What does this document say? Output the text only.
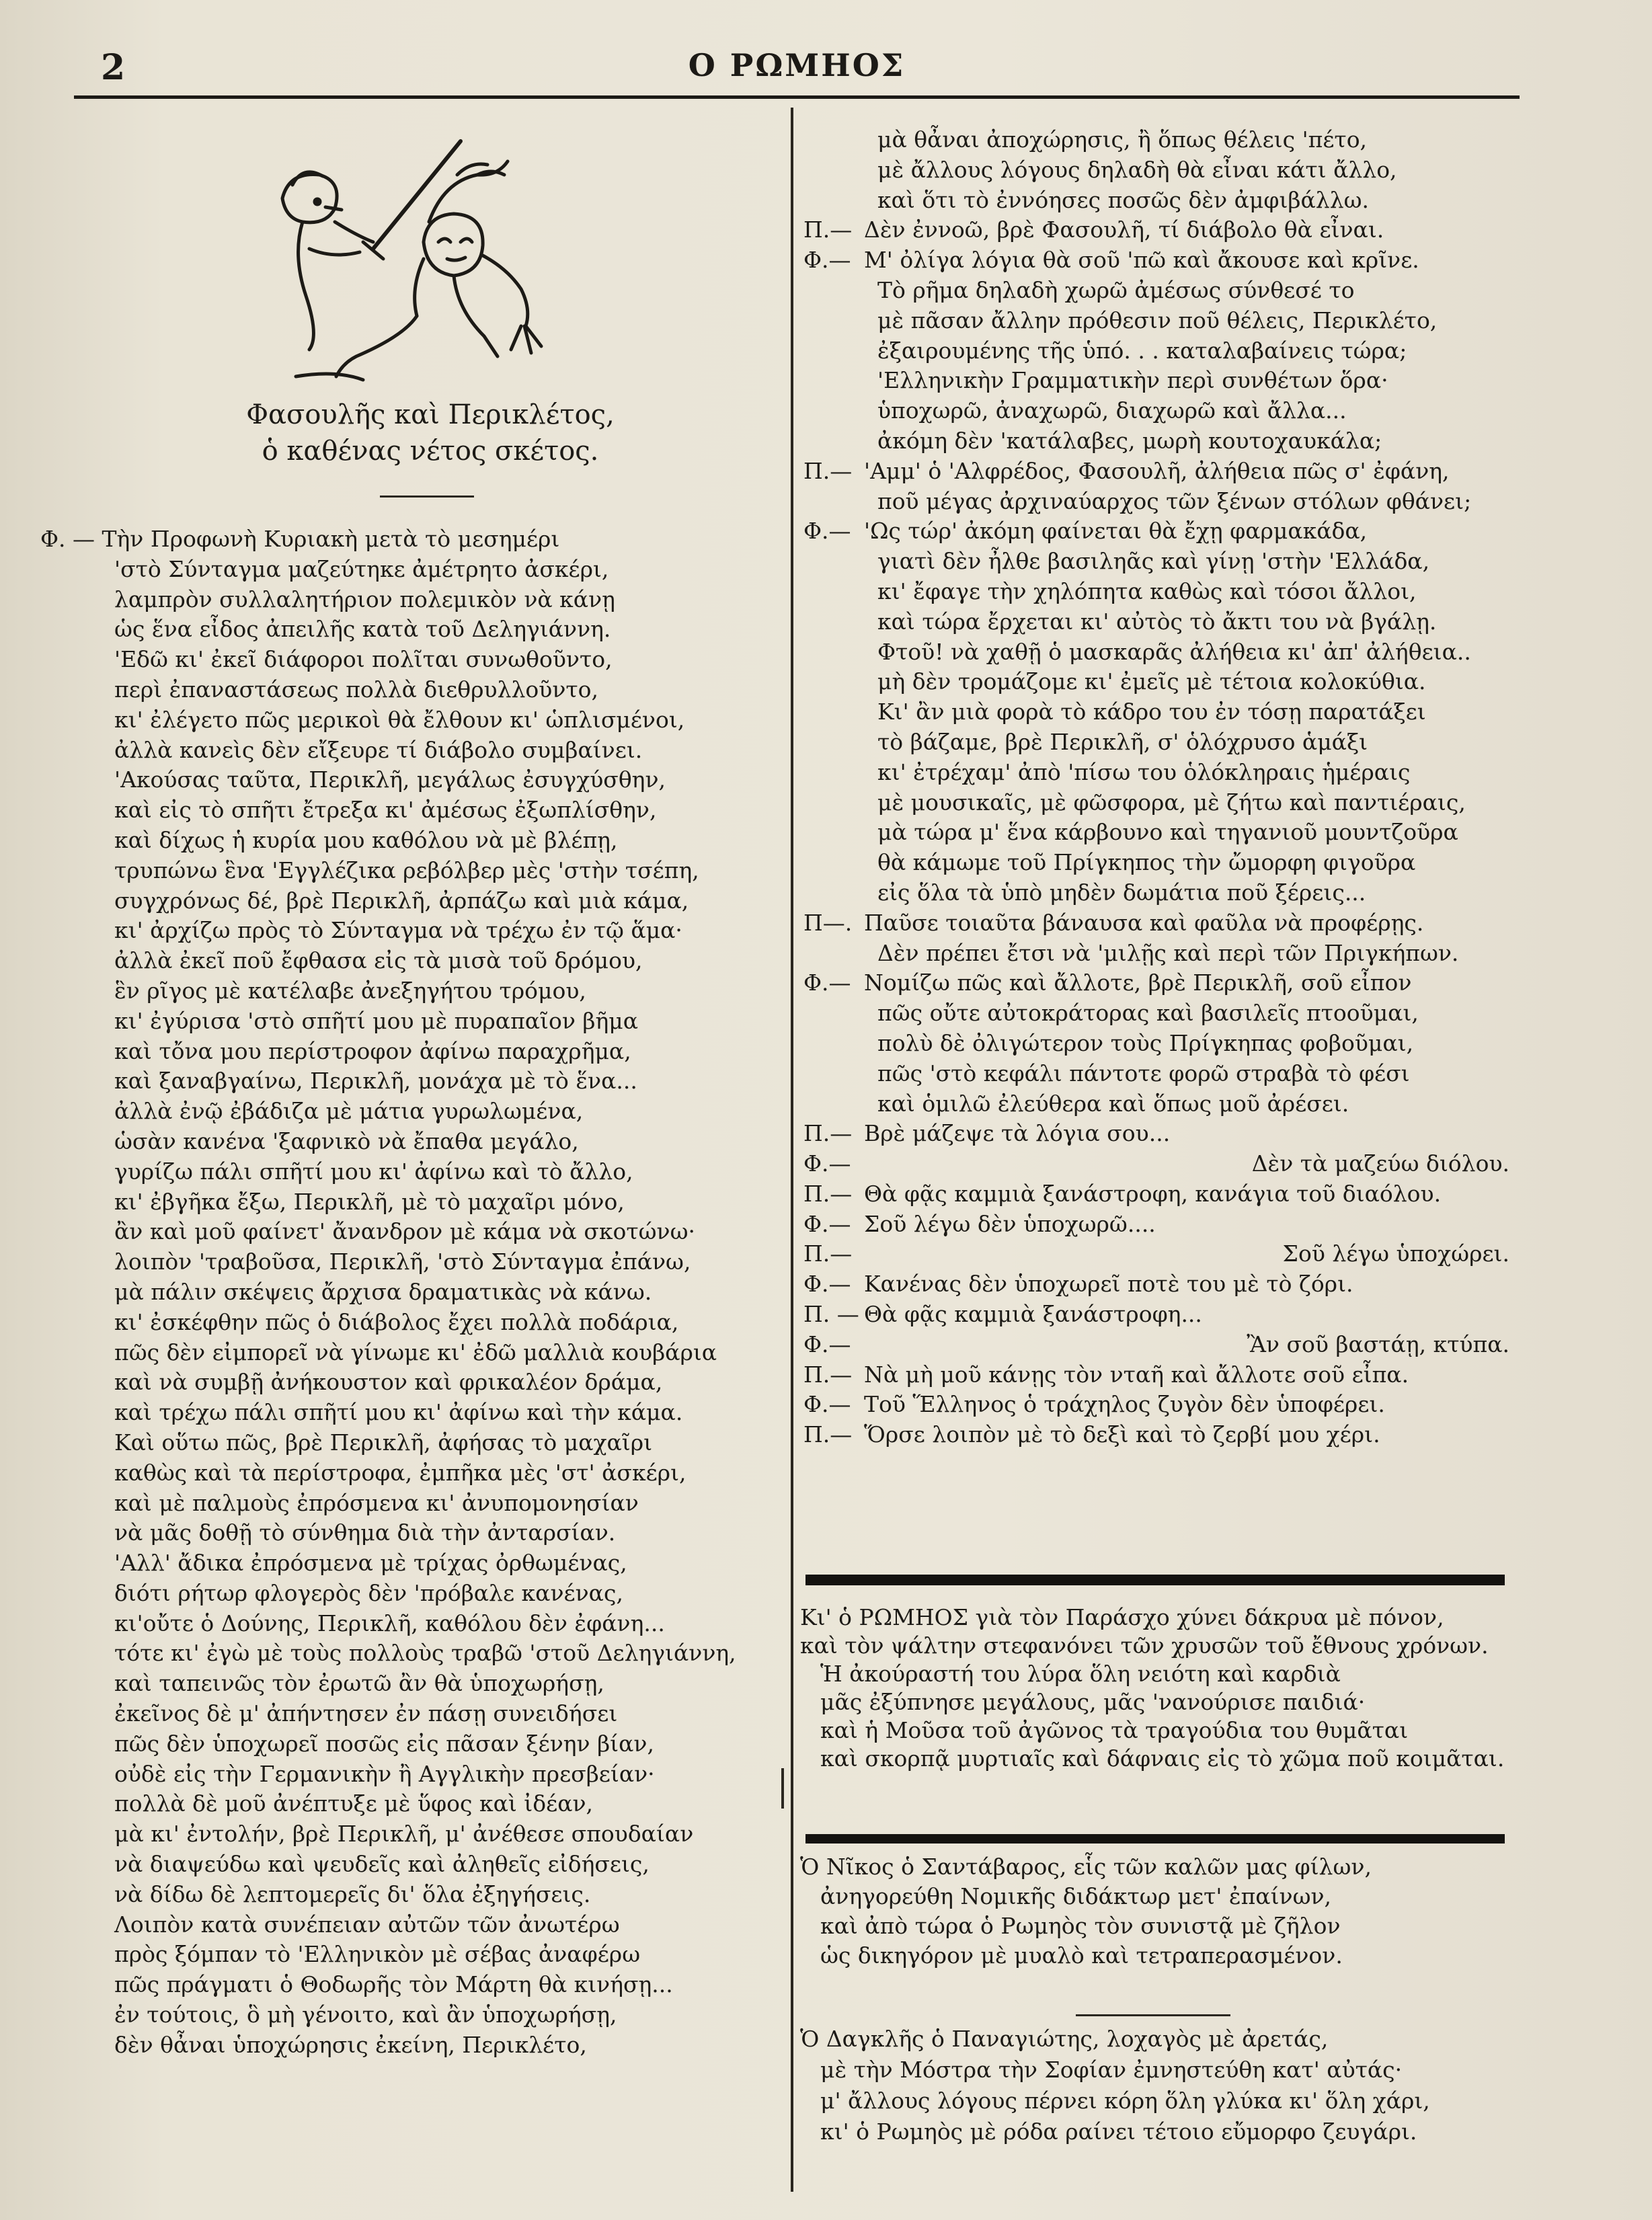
2	Ο ΡΩΜΗΟΣ
Φασουλῆς καὶ Περικλέτος,
ὁ καθένας νέτος σκέτος.
Φ. — Τὴν Προφωνὴ Κυριακὴ μετὰ τὸ μεσημέρι
'στὸ Σύνταγμα μαζεύτηκε ἀμέτρητο ἀσκέρι,
λαμπρὸν συλλαλητήριον πολεμικὸν νὰ κάνῃ
ὡς ἕνα εἶδος ἀπειλῆς κατὰ τοῦ Δεληγιάννη.
'Εδῶ κι' ἐκεῖ διάφοροι πολῖται συνωθοῦντο,
περὶ ἐπαναστάσεως πολλὰ διεθρυλλοῦντο,
κι' ἐλέγετο πῶς μερικοὶ θὰ ἔλθουν κι' ὡπλισμένοι,
ἀλλὰ κανεὶς δὲν εἴξευρε τί διάβολο συμβαίνει.
'Ακούσας ταῦτα, Περικλῆ, μεγάλως ἐσυγχύσθην,
καὶ εἰς τὸ σπῆτι ἔτρεξα κι' ἀμέσως ἐξωπλίσθην,
καὶ δίχως ἡ κυρία μου καθόλου νὰ μὲ βλέπῃ,
τρυπώνω ἓνα 'Εγγλέζικα ρεβόλβερ μὲς 'στὴν τσέπη,
συγχρόνως δέ, βρὲ Περικλῆ, ἀρπάζω καὶ μιὰ κάμα,
κι' ἀρχίζω πρὸς τὸ Σύνταγμα νὰ τρέχω ἐν τῷ ἅμα·
ἀλλὰ ἐκεῖ ποῦ ἔφθασα εἰς τὰ μισὰ τοῦ δρόμου,
ἓν ρῖγος μὲ κατέλαβε ἀνεξηγήτου τρόμου,
κι' ἐγύρισα 'στὸ σπῆτί μου μὲ πυραπαῖον βῆμα
καὶ τὄνα μου περίστροφον ἀφίνω παραχρῆμα,
καὶ ξαναβγαίνω, Περικλῆ, μονάχα μὲ τὸ ἕνα...
ἀλλὰ ἐνῷ ἐβάδιζα μὲ μάτια γυρωλωμένα,
ὡσὰν κανένα 'ξαφνικὸ νὰ ἔπαθα μεγάλο,
γυρίζω πάλι σπῆτί μου κι' ἀφίνω καὶ τὸ ἄλλο,
κι' ἐβγῆκα ἔξω, Περικλῆ, μὲ τὸ μαχαῖρι μόνο,
ἂν καὶ μοῦ φαίνετ' ἄνανδρον μὲ κάμα νὰ σκοτώνω·
λοιπὸν 'τραβοῦσα, Περικλῆ, 'στὸ Σύνταγμα ἐπάνω,
μὰ πάλιν σκέψεις ἄρχισα δραματικὰς νὰ κάνω.
κι' ἐσκέφθην πῶς ὁ διάβολος ἔχει πολλὰ ποδάρια,
πῶς δὲν εἰμπορεῖ νὰ γίνωμε κι' ἐδῶ μαλλιὰ κουβάρια
καὶ νὰ συμβῇ ἀνήκουστον καὶ φρικαλέον δράμα,
καὶ τρέχω πάλι σπῆτί μου κι' ἀφίνω καὶ τὴν κάμα.
Καὶ οὕτω πῶς, βρὲ Περικλῆ, ἀφήσας τὸ μαχαῖρι
καθὼς καὶ τὰ περίστροφα, ἐμπῆκα μὲς 'στ' ἀσκέρι,
καὶ μὲ παλμοὺς ἐπρόσμενα κι' ἀνυπομονησίαν
νὰ μᾶς δοθῇ τὸ σύνθημα διὰ τὴν ἀνταρσίαν.
'Αλλ' ἄδικα ἐπρόσμενα μὲ τρίχας ὀρθωμένας,
διότι ρήτωρ φλογερὸς δὲν 'πρόβαλε κανένας,
κι'οὔτε ὁ Δούνης, Περικλῆ, καθόλου δὲν ἐφάνη...
τότε κι' ἐγὼ μὲ τοὺς πολλοὺς τραβῶ 'στοῦ Δεληγιάννη,
καὶ ταπεινῶς τὸν ἐρωτῶ ἂν θὰ ὑποχωρήσῃ,
ἐκεῖνος δὲ μ' ἀπήντησεν ἐν πάσῃ συνειδήσει
πῶς δὲν ὑποχωρεῖ ποσῶς εἰς πᾶσαν ξένην βίαν,
οὐδὲ εἰς τὴν Γερμανικὴν ἢ Αγγλικὴν πρεσβείαν·
πολλὰ δὲ μοῦ ἀνέπτυξε μὲ ὕφος καὶ ἰδέαν,
μὰ κι' ἐντολήν, βρὲ Περικλῆ, μ' ἀνέθεσε σπουδαίαν
νὰ διαψεύδω καὶ ψευδεῖς καὶ ἀληθεῖς εἰδήσεις,
νὰ δίδω δὲ λεπτομερεῖς δι' ὅλα ἐξηγήσεις.
Λοιπὸν κατὰ συνέπειαν αὐτῶν τῶν ἀνωτέρω
πρὸς ξόμπαν τὸ 'Ελληνικὸν μὲ σέβας ἀναφέρω
πῶς πράγματι ὁ Θοδωρῆς τὸν Μάρτη θὰ κινήσῃ...
ἐν τούτοις, ὃ μὴ γένοιτο, καὶ ἂν ὑποχωρήσῃ,
δὲν θἆναι ὑποχώρησις ἐκείνη, Περικλέτο,
μὰ θἆναι ἀποχώρησις, ἢ ὅπως θέλεις 'πέτο,
μὲ ἄλλους λόγους δηλαδὴ θὰ εἶναι κάτι ἄλλο,
καὶ ὅτι τὸ ἐννόησες ποσῶς δὲν ἀμφιβάλλω.
Π.— Δὲν ἐννοῶ, βρὲ Φασουλῆ, τί διάβολο θὰ εἶναι.
Φ.— Μ' ὀλίγα λόγια θὰ σοῦ 'πῶ καὶ ἄκουσε καὶ κρῖνε.
Τὸ ρῆμα δηλαδὴ χωρῶ ἀμέσως σύνθεσέ το
μὲ πᾶσαν ἄλλην πρόθεσιν ποῦ θέλεις, Περικλέτο,
ἐξαιρουμένης τῆς ὑπό. . . καταλαβαίνεις τώρα;
'Ελληνικὴν Γραμματικὴν περὶ συνθέτων ὅρα·
ὑποχωρῶ, ἀναχωρῶ, διαχωρῶ καὶ ἄλλα...
ἀκόμη δὲν 'κατάλαβες, μωρὴ κουτοχαυκάλα;
Π.— 'Αμμ' ὁ 'Αλφρέδος, Φασουλῆ, ἀλήθεια πῶς σ' ἐφάνη,
ποῦ μέγας ἀρχιναύαρχος τῶν ξένων στόλων φθάνει;
Φ.— 'Ως τώρ' ἀκόμη φαίνεται θὰ ἔχῃ φαρμακάδα,
γιατὶ δὲν ἦλθε βασιληᾶς καὶ γίνῃ 'στὴν 'Ελλάδα,
κι' ἔφαγε τὴν χηλόπητα καθὼς καὶ τόσοι ἄλλοι,
καὶ τώρα ἔρχεται κι' αὐτὸς τὸ ἄκτι του νὰ βγάλῃ.
Φτοῦ! νὰ χαθῇ ὁ μασκαρᾶς ἀλήθεια κι' ἀπ' ἀλήθεια..
μὴ δὲν τρομάζομε κι' ἐμεῖς μὲ τέτοια κολοκύθια.
Κι' ἂν μιὰ φορὰ τὸ κάδρο του ἐν τόσῃ παρατάξει
τὸ βάζαμε, βρὲ Περικλῆ, σ' ὁλόχρυσο ἁμάξι
κι' ἐτρέχαμ' ἀπὸ 'πίσω του ὁλόκληραις ἡμέραις
μὲ μουσικαῖς, μὲ φῶσφορα, μὲ ζήτω καὶ παντιέραις,
μὰ τώρα μ' ἕνα κάρβουνο καὶ τηγανιοῦ μουντζοῦρα
θὰ κάμωμε τοῦ Πρίγκηπος τὴν ὤμορφη φιγοῦρα
εἰς ὅλα τὰ ὑπὸ μηδὲν δωμάτια ποῦ ξέρεις...
Π—. Παῦσε τοιαῦτα βάναυσα καὶ φαῦλα νὰ προφέρῃς.
Δὲν πρέπει ἔτσι νὰ 'μιλῇς καὶ περὶ τῶν Πριγκήπων.
Φ.— Νομίζω πῶς καὶ ἄλλοτε, βρὲ Περικλῆ, σοῦ εἶπον
πῶς οὔτε αὐτοκράτορας καὶ βασιλεῖς πτοοῦμαι,
πολὺ δὲ ὀλιγώτερον τοὺς Πρίγκηπας φοβοῦμαι,
πῶς 'στὸ κεφάλι πάντοτε φορῶ στραβὰ τὸ φέσι
καὶ ὁμιλῶ ἐλεύθερα καὶ ὅπως μοῦ ἀρέσει.
Π.— Βρὲ μάζεψε τὰ λόγια σου...
Φ.—	Δὲν τὰ μαζεύω διόλου.
Π.— Θὰ φᾷς καμμιὰ ξανάστροφη, κανάγια τοῦ διαόλου.
Φ.— Σοῦ λέγω δὲν ὑποχωρῶ....
Π.—	Σοῦ λέγω ὑποχώρει.
Φ.— Κανένας δὲν ὑποχωρεῖ ποτὲ του μὲ τὸ ζόρι.
Π. — Θὰ φᾷς καμμιὰ ξανάστροφη...
Φ.—	Ἂν σοῦ βαστάῃ, κτύπα.
Π.— Νὰ μὴ μοῦ κάνῃς τὸν νταῆ καὶ ἄλλοτε σοῦ εἶπα.
Φ.— Τοῦ Ἕλληνος ὁ τράχηλος ζυγὸν δὲν ὑποφέρει.
Π.— Ὅρσε λοιπὸν μὲ τὸ δεξὶ καὶ τὸ ζερβί μου χέρι.
Κι' ὁ ΡΩΜΗΟΣ γιὰ τὸν Παράσχο χύνει δάκρυα μὲ πόνον,
καὶ τὸν ψάλτην στεφανόνει τῶν χρυσῶν τοῦ ἔθνους χρόνων.
Ἡ ἀκούραστή του λύρα ὅλη νειότη καὶ καρδιὰ
μᾶς ἐξύπνησε μεγάλους, μᾶς 'νανούρισε παιδιά·
καὶ ἡ Μοῦσα τοῦ ἀγῶνος τὰ τραγούδια του θυμᾶται
καὶ σκορπᾷ μυρτιαῖς καὶ δάφναις εἰς τὸ χῶμα ποῦ κοιμᾶται.
Ὁ Νῖκος ὁ Σαντάβαρος, εἷς τῶν καλῶν μας φίλων,
ἀνηγορεύθη Νομικῆς διδάκτωρ μετ' ἐπαίνων,
καὶ ἀπὸ τώρα ὁ Ρωμηὸς τὸν συνιστᾷ μὲ ζῆλον
ὡς δικηγόρον μὲ μυαλὸ καὶ τετραπερασμένον.
Ὁ Δαγκλῆς ὁ Παναγιώτης, λοχαγὸς μὲ ἀρετάς,
μὲ τὴν Μόστρα τὴν Σοφίαν ἐμνηστεύθη κατ' αὐτάς·
μ' ἄλλους λόγους πέρνει κόρη ὅλη γλύκα κι' ὅλη χάρι,
κι' ὁ Ρωμηὸς μὲ ρόδα ραίνει τέτοιο εὔμορφο ζευγάρι.
